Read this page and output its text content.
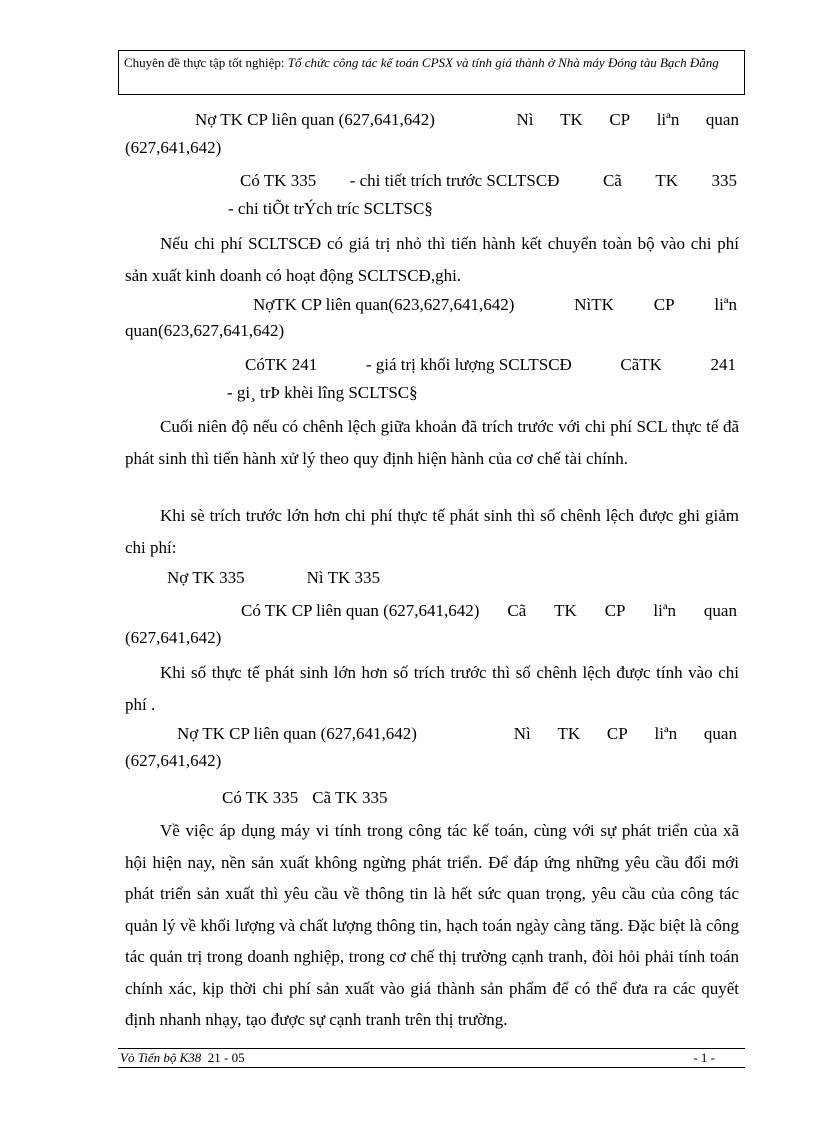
Chuyên đề thực tập tốt nghiệp: Tổ chức công tác kế toán CPSX và tính giá thành ở Nhà máy Đóng tàu Bạch Đằng
Nợ TK CP liên quan (627,641,642)	Nì TK CP liªn quan
(627,641,642)
Có TK 335 - chi tiết trích trước SCLTSCĐ	Cã TK 335
- chi tiÕt trÝch tríc SCLTSC§

Nếu chi phí SCLTSCĐ có giá trị nhỏ thì tiến hành kết chuyển toàn bộ vào chi phí sản xuất kinh doanh có hoạt động SCLTSCĐ,ghi.

NợTK CP liên quan(623,627,641,642)	NìTK CP liªn
quan(623,627,641,642)
CóTK 241	- giá trị khối lượng SCLTSCĐ	CãTK	241
- gi¸ trÞ khèi lîng SCLTSC§

Cuối niên độ nếu có chênh lệch giữa khoản đã trích trước với chi phí SCL thực tế đã phát sinh thì tiến hành xử lý theo quy định hiện hành của cơ chế tài chính.

Khi sè trích trước lớn hơn chi phí thực tế phát sinh thì số chênh lệch được ghi giảm chi phí:

Nợ TK 335	Nì TK 335
Có TK CP liên quan (627,641,642) Cã TK CP liªn quan
(627,641,642)

Khi số thực tế phát sinh lớn hơn số trích trước thì số chênh lệch được tính vào chi phí .

Nợ TK CP liên quan (627,641,642)	Nì TK CP liªn quan
(627,641,642)
Có TK 335 Cã TK 335

Về việc áp dụng máy vi tính trong công tác kế toán, cùng với sự phát triển của xã hội hiện nay, nền sản xuất không ngừng phát triển. Để đáp ứng những yêu cầu đổi mới phát triển sản xuất thì yêu cầu về thông tin là hết sức quan trọng, yêu cầu của công tác quản lý về khối lượng và chất lượng thông tin, hạch toán ngày càng tăng. Đặc biệt là công tác quản trị trong doanh nghiệp, trong cơ chế thị trường cạnh tranh, đòi hỏi phải tính toán chính xác, kịp thời chi phí sản xuất vào giá thành sản phẩm để có thể đưa ra các quyết định nhanh nhạy, tạo được sự cạnh tranh trên thị trường.

Vò Tiến bộ K38 21 - 05	- 1 -
